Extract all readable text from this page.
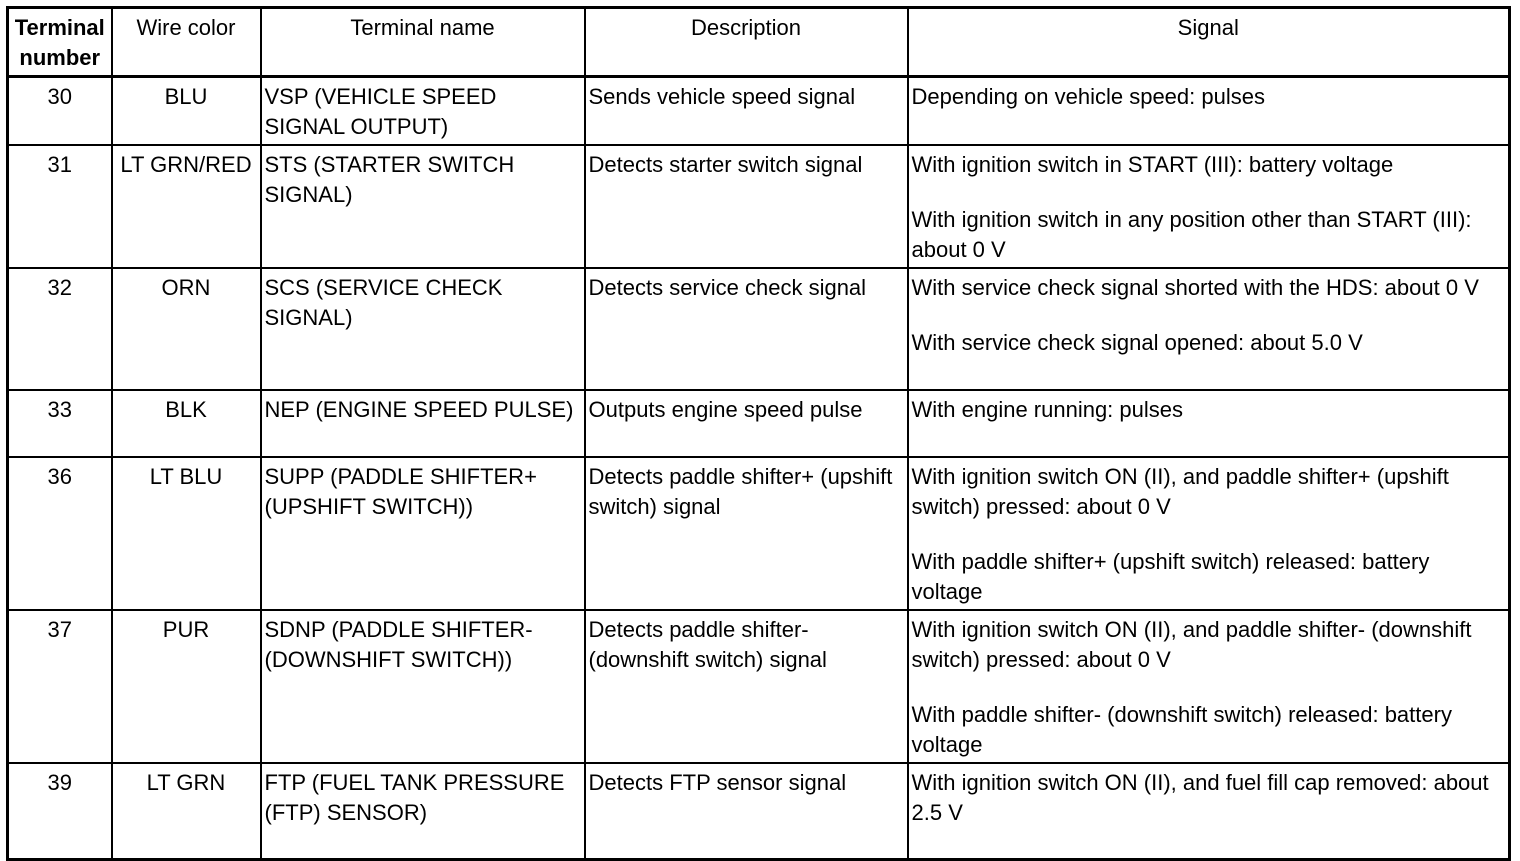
Terminal
number	Wire color	Terminal name	Description	Signal
30	BLU	VSP (VEHICLE SPEED SIGNAL OUTPUT)	Sends vehicle speed signal	Depending on vehicle speed: pulses

31	LT GRN/RED	STS (STARTER SWITCH SIGNAL)	Detects starter switch signal	With ignition switch in START (III): battery voltage
With ignition switch in any position other than START (III): about 0 V

32	ORN	SCS (SERVICE CHECK SIGNAL)	Detects service check signal	With service check signal shorted with the HDS: about 0 V
With service check signal opened: about 5.0 V

33	BLK	NEP (ENGINE SPEED PULSE)	Outputs engine speed pulse	With engine running: pulses

36	LT BLU	SUPP (PADDLE SHIFTER+ (UPSHIFT SWITCH))	Detects paddle shifter+ (upshift switch) signal	With ignition switch ON (II), and paddle shifter+ (upshift switch) pressed: about 0 V
With paddle shifter+ (upshift switch) released: battery voltage

37	PUR	SDNP (PADDLE SHIFTER- (DOWNSHIFT SWITCH))	Detects paddle shifter- (downshift switch) signal	With ignition switch ON (II), and paddle shifter- (downshift switch) pressed: about 0 V
With paddle shifter- (downshift switch) released: battery voltage

39	LT GRN	FTP (FUEL TANK PRESSURE (FTP) SENSOR)	Detects FTP sensor signal	With ignition switch ON (II), and fuel fill cap removed: about 2.5 V
